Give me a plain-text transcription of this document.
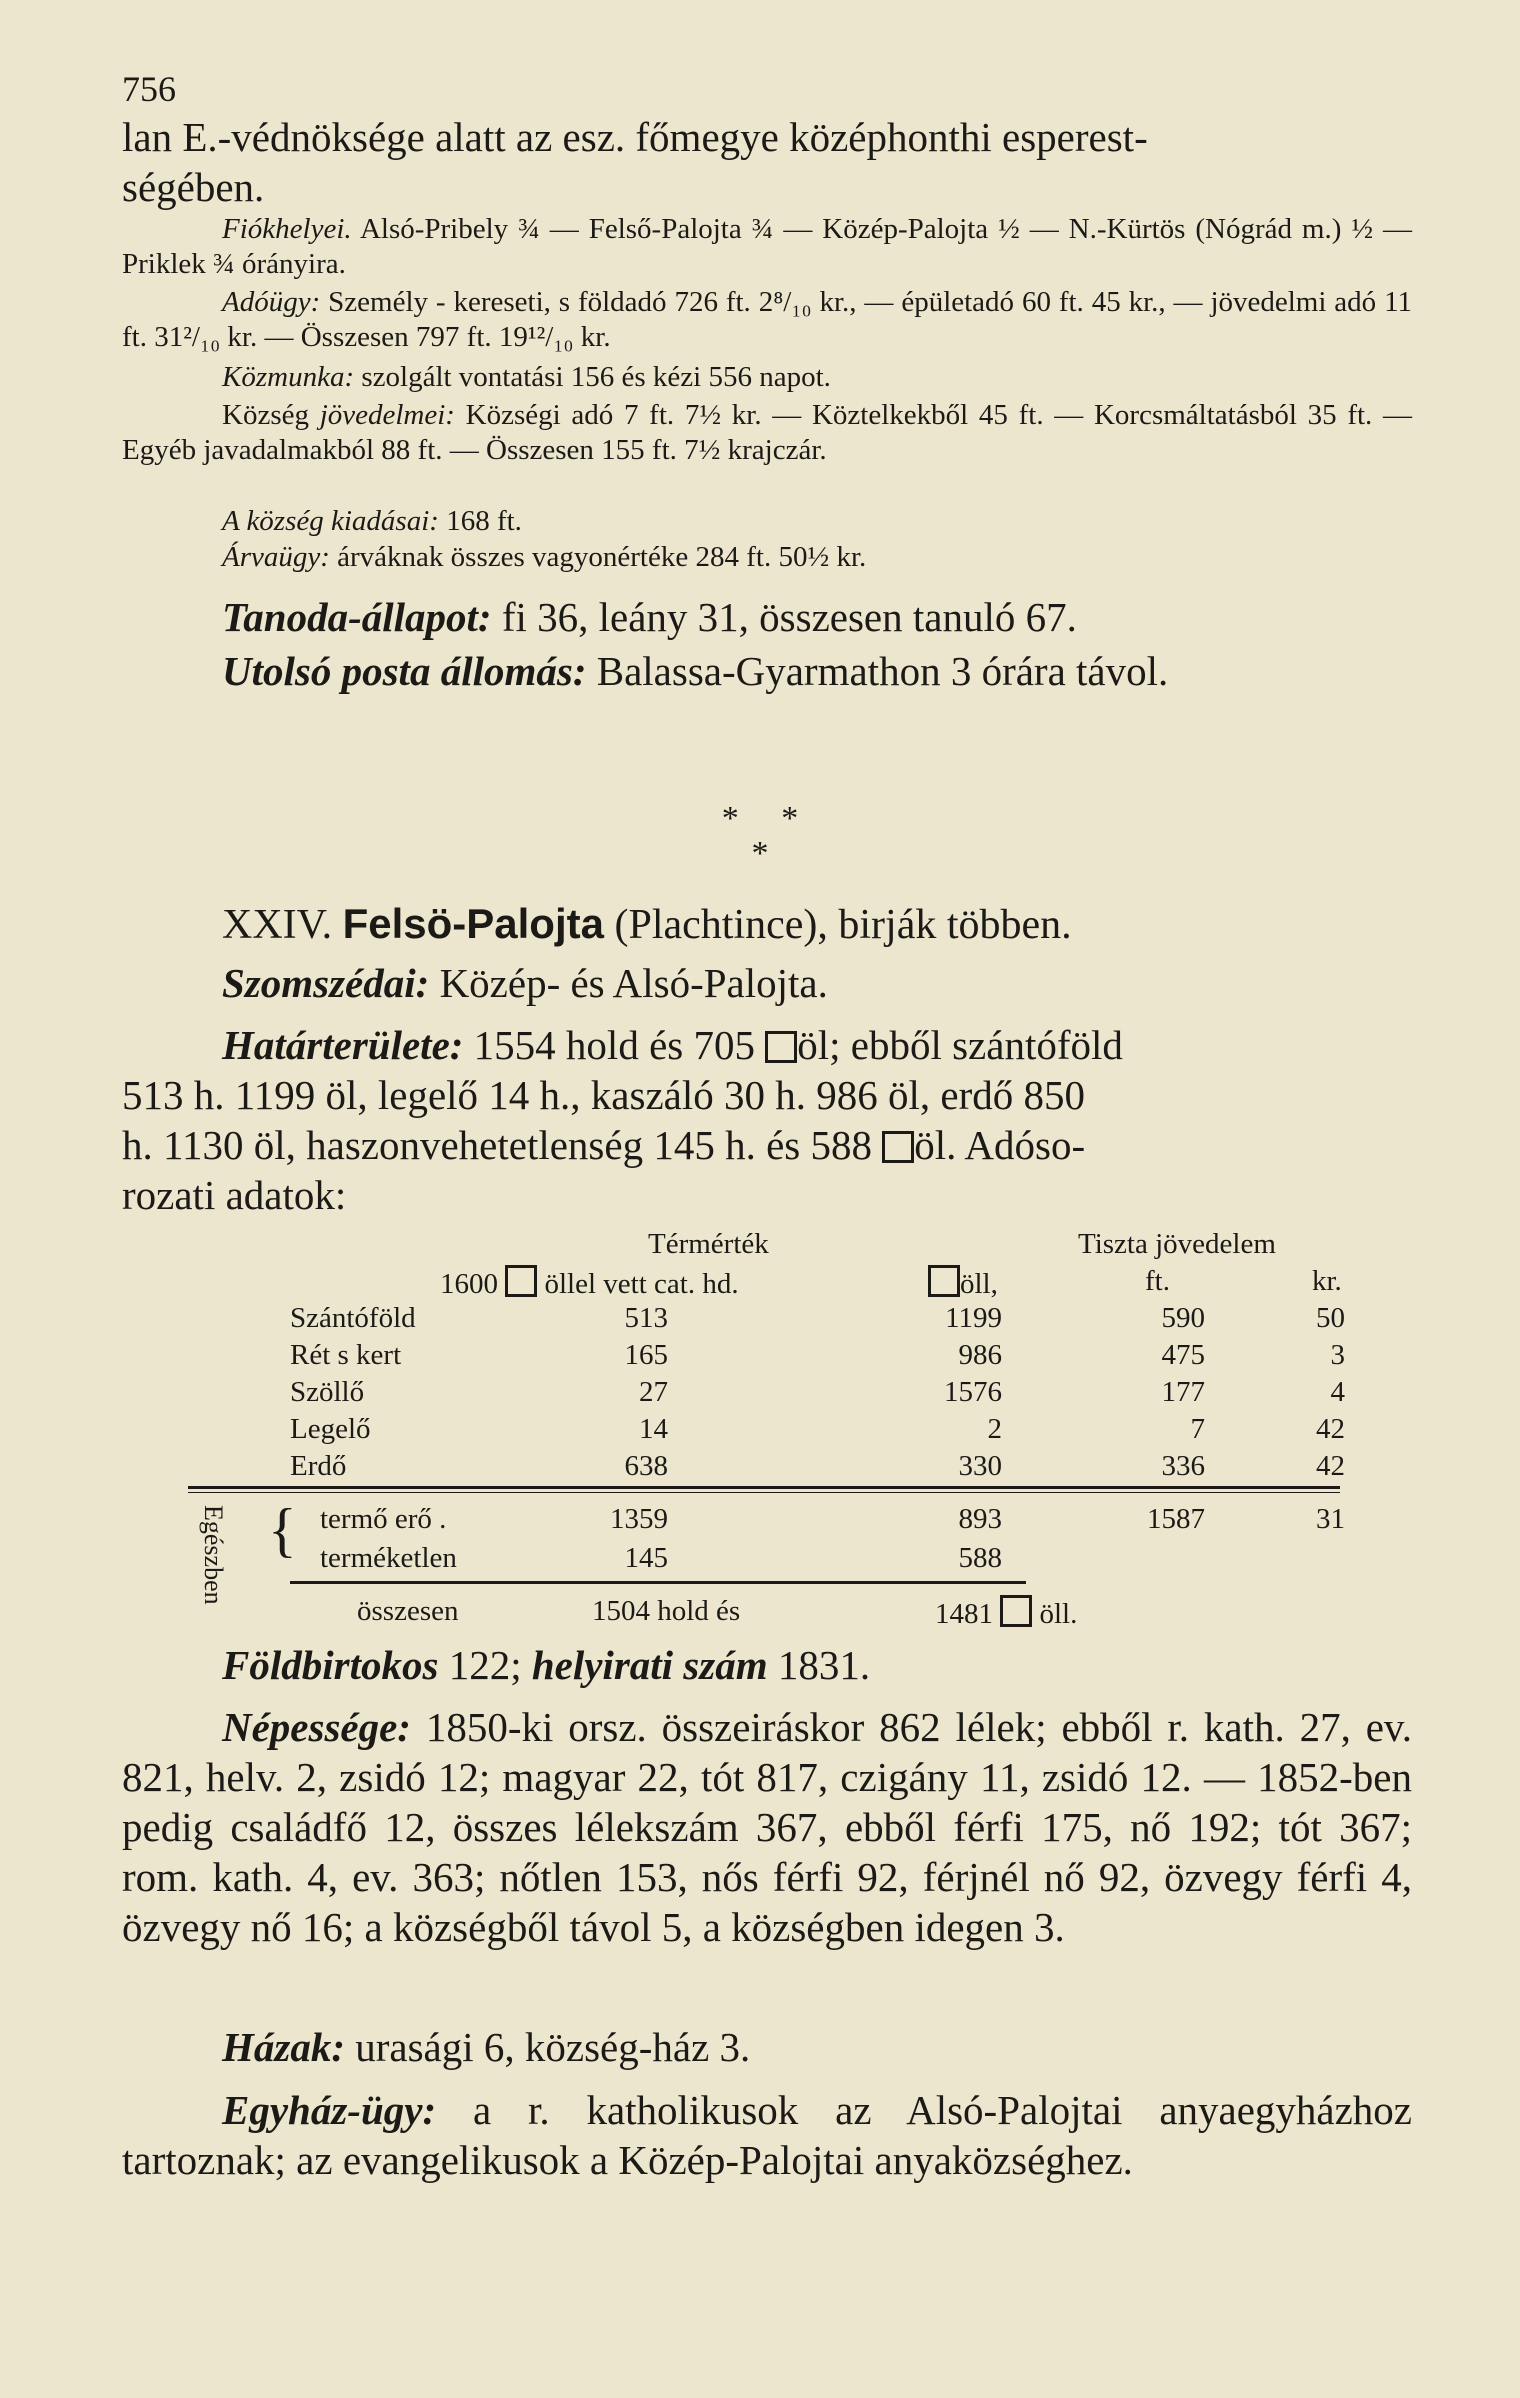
756

lan E.-védnöksége alatt az esz. főmegye középhonthi esperest-
ségében.

Fiókhelyei. Alsó-Pribely ¾ — Felső-Palojta ¾ — Közép-Palojta ½ — N.-Kürtös (Nógrád m.) ½ — Priklek ¾ órányira.

Adóügy: Személy - kereseti, s földadó 726 ft. 2⁸/₁₀ kr., — épületadó 60 ft. 45 kr., — jövedelmi adó 11 ft. 31²/₁₀ kr. — Összesen 797 ft. 19¹²/₁₀ kr.

Közmunka: szolgált vontatási 156 és kézi 556 napot.

Község jövedelmei: Községi adó 7 ft. 7½ kr. — Köztelkekből 45 ft. — Korcsmáltatásból 35 ft. — Egyéb javadalmakból 88 ft. — Összesen 155 ft. 7½ krajczár.

A község kiadásai: 168 ft.

Árvaügy: árváknak összes vagyonértéke 284 ft. 50½ kr.

Tanoda-állapot: fi 36, leány 31, összesen tanuló 67.

Utolsó posta állomás: Balassa-Gyarmathon 3 órára távol.

*     *
*
XXIV. Felsö-Palojta (Plachtince), birják többen.

Szomszédai: Közép- és Alsó-Palojta.

Határterülete: 1554 hold és 705 öl; ebből szántóföld
513 h. 1199 öl, legelő 14 h., kaszáló 30 h. 986 öl, erdő 850
h. 1130 öl, haszonvehetetlenség 145 h. és 588 öl. Adóso-
rozati adatok:
Térmérték	Tiszta jövedelem
1600 öllel vett cat. hd.	öll,	ft.	kr.
Szántóföld	513	1199	590	50
Rét s kert	165	986	475	3
Szöllő	27	1576	177	4
Legelő	14	2	7	42
Erdő	638	330	336	42
Egészben { termő erő .	1359	893	1587	31
terméketlen	145	588
összesen	1504 hold és	1481 öll.

Földbirtokos 122; helyirati szám 1831.

Népessége: 1850-ki orsz. összeiráskor 862 lélek; ebből r. kath. 27, ev. 821, helv. 2, zsidó 12; magyar 22, tót 817, czigány 11, zsidó 12. — 1852-ben pedig családfő 12, összes lélekszám 367, ebből férfi 175, nő 192; tót 367; rom. kath. 4, ev. 363; nőtlen 153, nős férfi 92, férjnél nő 92, özvegy férfi 4, özvegy nő 16; a községből távol 5, a községben idegen 3.

Házak: urasági 6, község-ház 3.

Egyház-ügy: a r. katholikusok az Alsó-Palojtai anyaegyházhoz tartoznak; az evangelikusok a Közép-Palojtai anyaközséghez.
